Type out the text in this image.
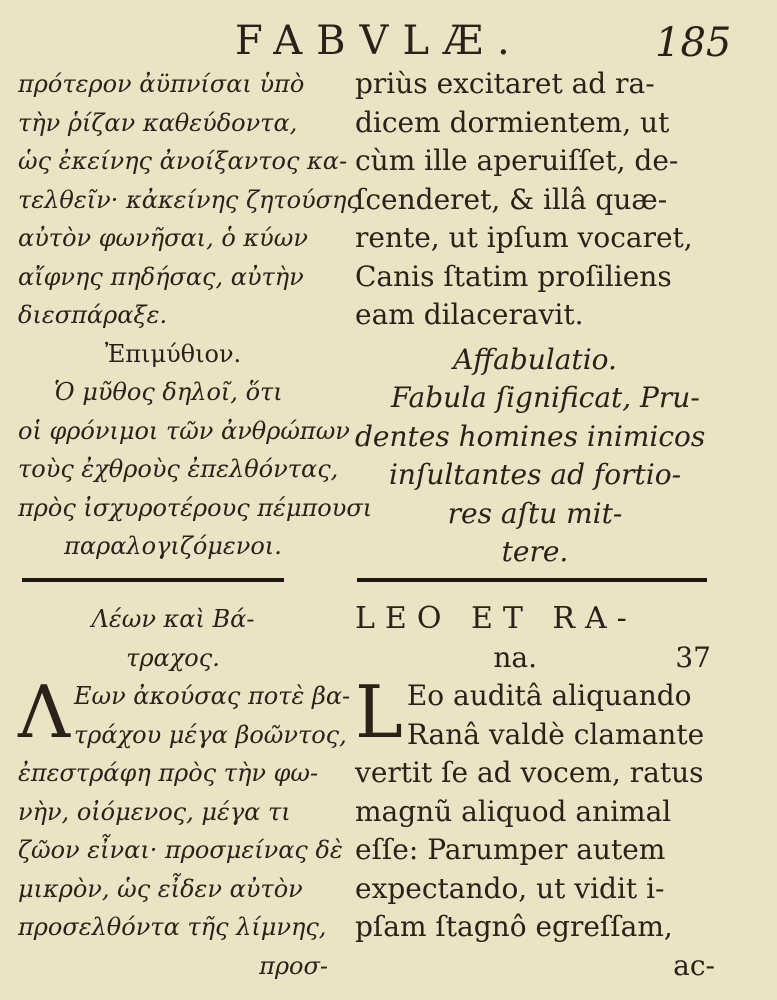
FABVLÆ.	185
πρότερον ἀϋπνίσαι ὑπὸ
τὴν ῥίζαν καθεύδοντα,
ὡς ἐκείνης ἀνοίξαντος κα-
τελθεῖν· κἀκείνης ζητούσης
αὐτὸν φωνῆσαι, ὁ κύων
αἴφνης πηδήσας, αὐτὴν
διεσπάραξε.
Ἐπιμύθιον.
Ὁ μῦθος δηλοῖ, ὅτι
οἱ φρόνιμοι τῶν ἀνθρώπων
τοὺς ἐχθροὺς ἐπελθόντας,
πρὸς ἰσχυροτέρους πέμπουσι
παραλογιζόμενοι.
Λέων καὶ Βά-
τραχος.
Λ Εων ἀκούσας ποτὲ βα-
τράχου μέγα βοῶντος,
ἐπεστράφη πρὸς τὴν φω-
νὴν, οἰόμενος, μέγα τι
ζῶον εἶναι· προσμείνας δὲ
μικρὸν, ὡς εἶδεν αὐτὸν
προσελθόντα τῆς λίμνης,
προσ-
priùs excitaret ad ra-
dicem dormientem, ut
cùm ille aperuiſſet, de-
ſcenderet, & illâ quæ-
rente, ut ipſum vocaret,
Canis ſtatim proſiliens
eam dilaceravit.
Affabulatio.
Fabula ſignificat, Pru-
dentes homines inimicos
inſultantes ad fortio-
res aſtu mit-
tere.
LEO ET RA-
na.	37
L Eo auditâ aliquando
Ranâ valdè clamante
vertit ſe ad vocem, ratus
magnũ aliquod animal
eſſe: Parumper autem
expectando, ut vidit i-
pſam ſtagnô egreſſam,
ac-
